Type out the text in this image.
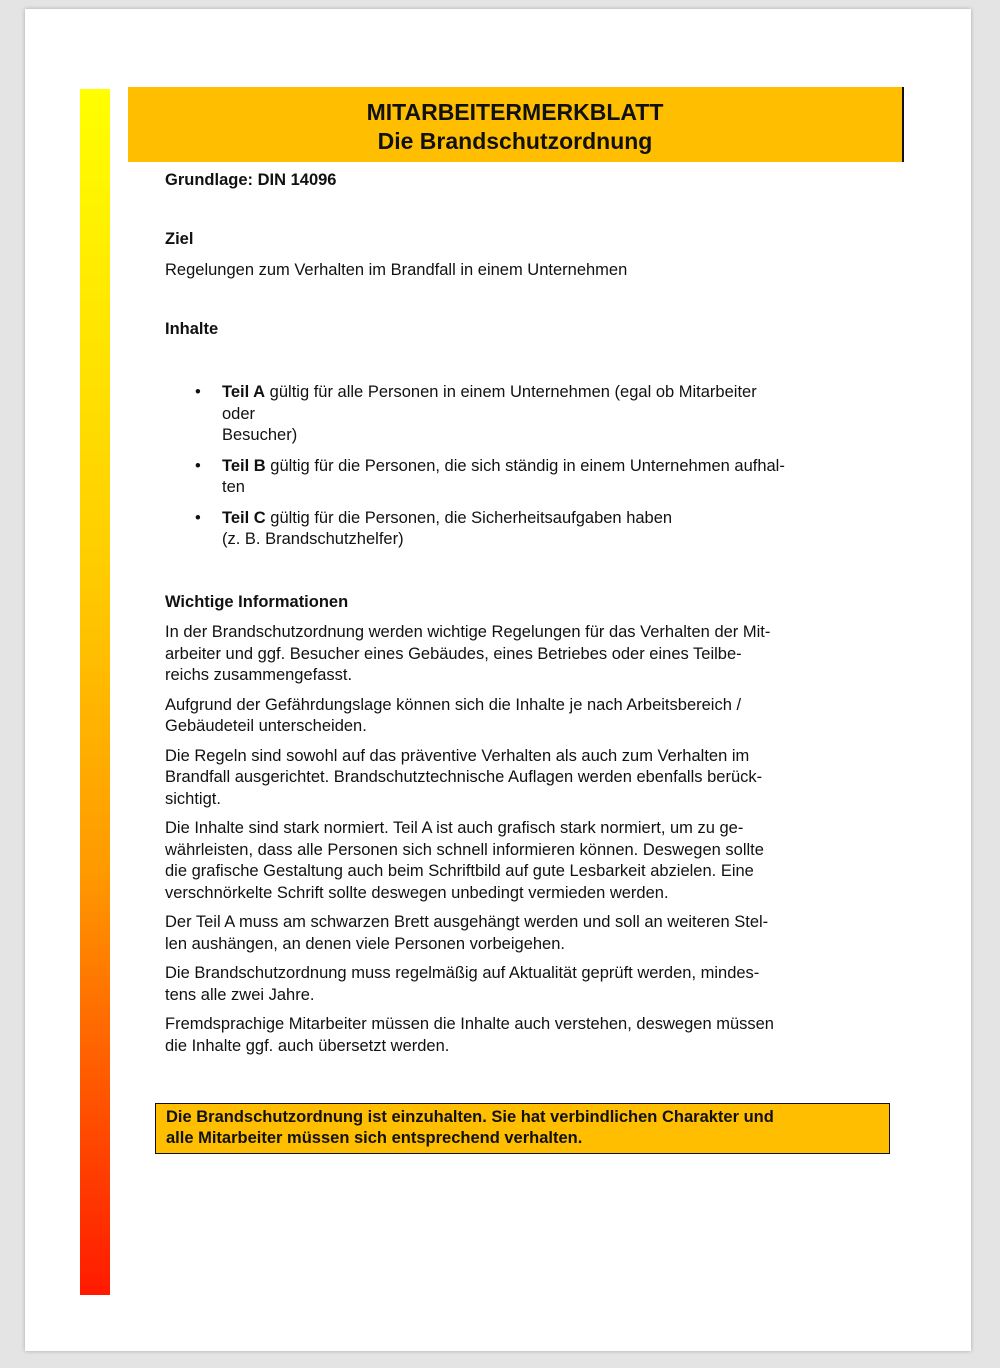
MITARBEITERMERKBLATT
Die Brandschutzordnung
Grundlage: DIN 14096
Ziel
Regelungen zum Verhalten im Brandfall in einem Unternehmen
Inhalte
• Teil A gültig für alle Personen in einem Unternehmen (egal ob Mitarbeiter
oder
Besucher)
• Teil B gültig für die Personen, die sich ständig in einem Unternehmen aufhal-
ten
• Teil C gültig für die Personen, die Sicherheitsaufgaben haben
(z. B. Brandschutzhelfer)
Wichtige Informationen

In der Brandschutzordnung werden wichtige Regelungen für das Verhalten der Mit-
arbeiter und ggf. Besucher eines Gebäudes, eines Betriebes oder eines Teilbe-
reichs zusammengefasst.

Aufgrund der Gefährdungslage können sich die Inhalte je nach Arbeitsbereich /
Gebäudeteil unterscheiden.

Die Regeln sind sowohl auf das präventive Verhalten als auch zum Verhalten im
Brandfall ausgerichtet. Brandschutztechnische Auflagen werden ebenfalls berück-
sichtigt.

Die Inhalte sind stark normiert. Teil A ist auch grafisch stark normiert, um zu ge-
währleisten, dass alle Personen sich schnell informieren können. Deswegen sollte
die grafische Gestaltung auch beim Schriftbild auf gute Lesbarkeit abzielen. Eine
verschnörkelte Schrift sollte deswegen unbedingt vermieden werden.

Der Teil A muss am schwarzen Brett ausgehängt werden und soll an weiteren Stel-
len aushängen, an denen viele Personen vorbeigehen.

Die Brandschutzordnung muss regelmäßig auf Aktualität geprüft werden, mindes-
tens alle zwei Jahre.

Fremdsprachige Mitarbeiter müssen die Inhalte auch verstehen, deswegen müssen
die Inhalte ggf. auch übersetzt werden.

Die Brandschutzordnung ist einzuhalten. Sie hat verbindlichen Charakter und
alle Mitarbeiter müssen sich entsprechend verhalten.
